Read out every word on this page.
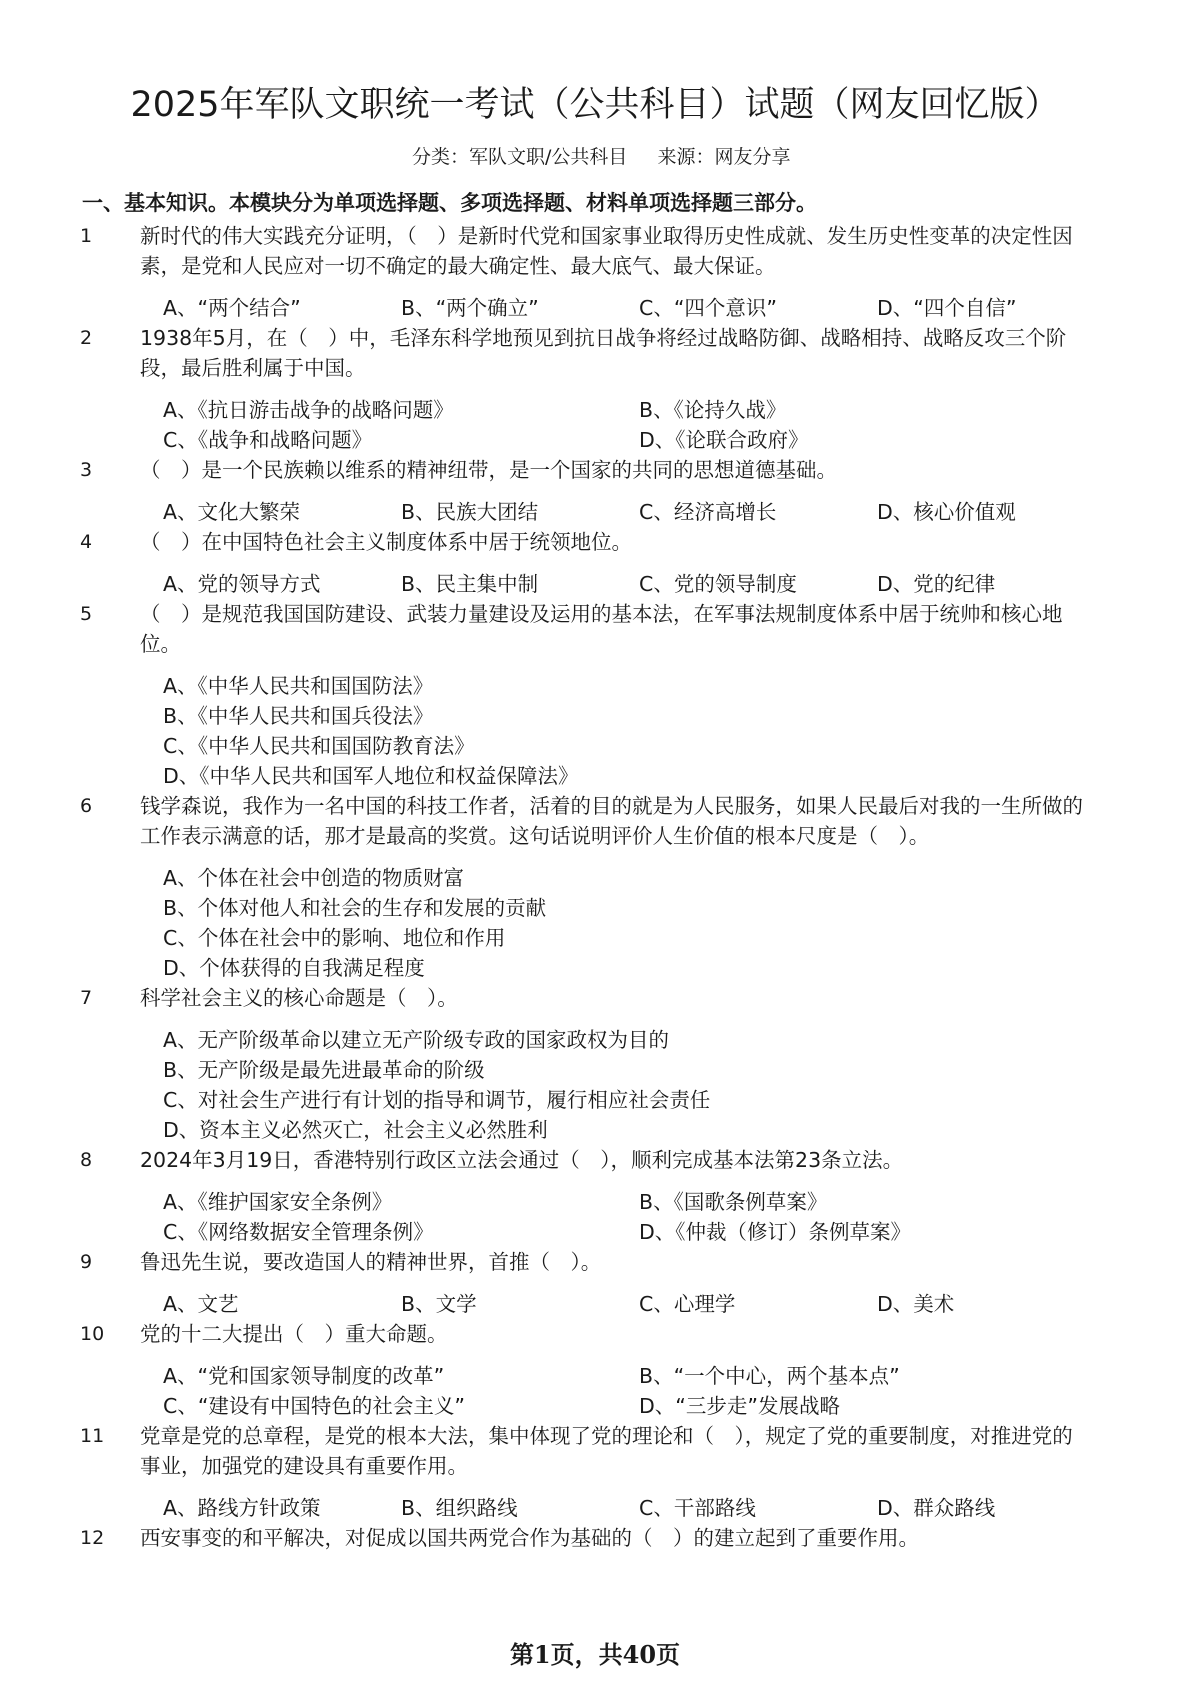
2025年军队文职统一考试（公共科目）试题（网友回忆版）
分类：军队文职/公共科目 来源：网友分享
一、基本知识。本模块分为单项选择题、多项选择题、材料单项选择题三部分。
1 新时代的伟大实践充分证明，（　）是新时代党和国家事业取得历史性成就、发生历史性变革的决定性因素，是党和人民应对一切不确定的最大确定性、最大底气、最大保证。
A、“两个结合”	B、“两个确立”	C、“四个意识”	D、“四个自信”
2 1938年5月，在（　）中，毛泽东科学地预见到抗日战争将经过战略防御、战略相持、战略反攻三个阶段，最后胜利属于中国。
A、《抗日游击战争的战略问题》	B、《论持久战》
C、《战争和战略问题》	D、《论联合政府》
3 （　）是一个民族赖以维系的精神纽带，是一个国家的共同的思想道德基础。
A、文化大繁荣	B、民族大团结	C、经济高增长	D、核心价值观
4 （　）在中国特色社会主义制度体系中居于统领地位。
A、党的领导方式	B、民主集中制	C、党的领导制度	D、党的纪律
5 （　）是规范我国国防建设、武装力量建设及运用的基本法，在军事法规制度体系中居于统帅和核心地位。
A、《中华人民共和国国防法》
B、《中华人民共和国兵役法》
C、《中华人民共和国国防教育法》
D、《中华人民共和国军人地位和权益保障法》
6 钱学森说，我作为一名中国的科技工作者，活着的目的就是为人民服务，如果人民最后对我的一生所做的工作表示满意的话，那才是最高的奖赏。这句话说明评价人生价值的根本尺度是（　）。
A、个体在社会中创造的物质财富
B、个体对他人和社会的生存和发展的贡献
C、个体在社会中的影响、地位和作用
D、个体获得的自我满足程度
7 科学社会主义的核心命题是（　）。
A、无产阶级革命以建立无产阶级专政的国家政权为目的
B、无产阶级是最先进最革命的阶级
C、对社会生产进行有计划的指导和调节，履行相应社会责任
D、资本主义必然灭亡，社会主义必然胜利
8 2024年3月19日，香港特别行政区立法会通过（　），顺利完成基本法第23条立法。
A、《维护国家安全条例》	B、《国歌条例草案》
C、《网络数据安全管理条例》	D、《仲裁（修订）条例草案》
9 鲁迅先生说，要改造国人的精神世界，首推（　）。
A、文艺	B、文学	C、心理学	D、美术
10 党的十二大提出（　）重大命题。
A、“党和国家领导制度的改革”	B、“一个中心，两个基本点”
C、“建设有中国特色的社会主义”	D、“三步走”发展战略
11 党章是党的总章程，是党的根本大法，集中体现了党的理论和（　），规定了党的重要制度，对推进党的事业，加强党的建设具有重要作用。
A、路线方针政策	B、组织路线	C、干部路线	D、群众路线
12 西安事变的和平解决，对促成以国共两党合作为基础的（　）的建立起到了重要作用。
第1页，共40页
